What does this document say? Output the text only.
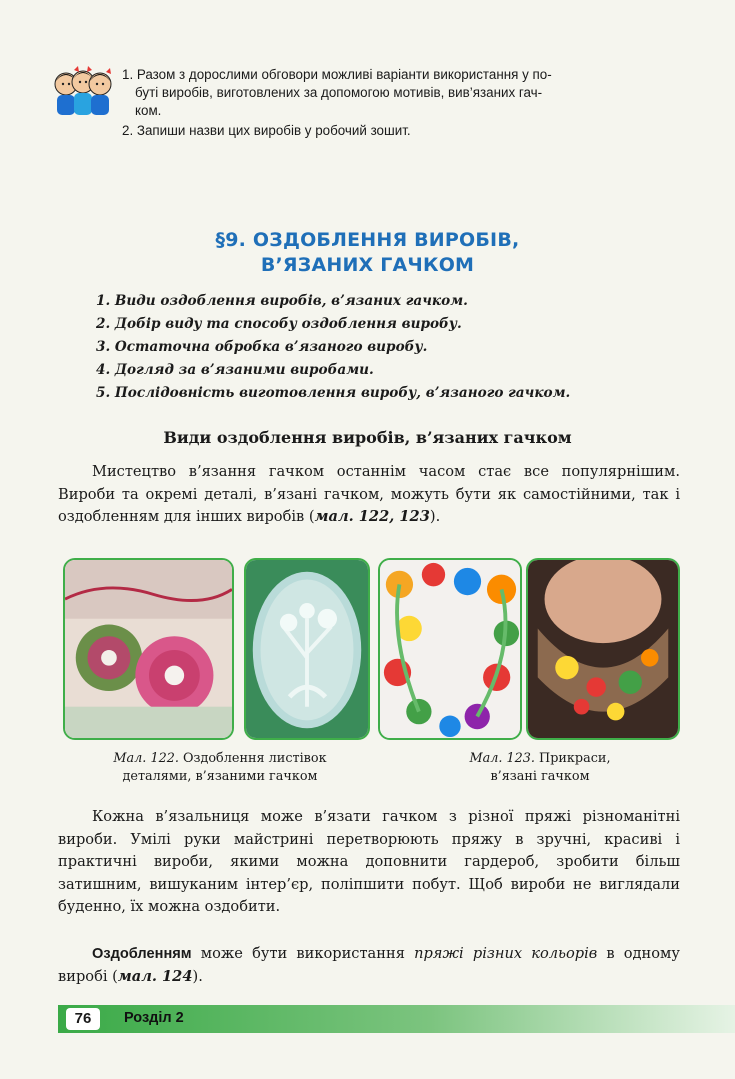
1. Разом з дорослими обговори можливі варіанти використання у по-
буті виробів, виготовлених за допомогою мотивів, вив’язаних гач-
ком.
2. Запиши назви цих виробів у робочий зошит.
§9. ОЗДОБЛЕННЯ ВИРОБІВ,
В’ЯЗАНИХ ГАЧКОМ
1. Види оздоблення виробів, в’язаних гачком.
2. Добір виду та способу оздоблення виробу.
3. Остаточна обробка в’язаного виробу.
4. Догляд за в’язаними виробами.
5. Послідовність виготовлення виробу, в’язаного гачком.
Види оздоблення виробів, в’язаних гачком

Мистецтво в’язання гачком останнім часом стає все популярнішим. Вироби та окремі деталі, в’язані гачком, можуть бути як самостійними, так і оздобленням для інших виробів (мал. 122, 123).

Мал. 122. Оздоблення листівок
деталями, в’язаними гачком
Мал. 123. Прикраси,
в’язані гачком

Кожна в’язальниця може в’язати гачком з різної пряжі різноманітні вироби. Умілі руки майстрині перетворюють пряжу в зручні, красиві і практичні вироби, якими можна доповнити гардероб, зробити більш затишним, вишуканим інтер’єр, поліпшити побут. Щоб вироби не виглядали буденно, їх можна оздобити.

Оздобленням може бути використання пряжі різних кольорів в одному виробі (мал. 124).

76	Розділ 2
